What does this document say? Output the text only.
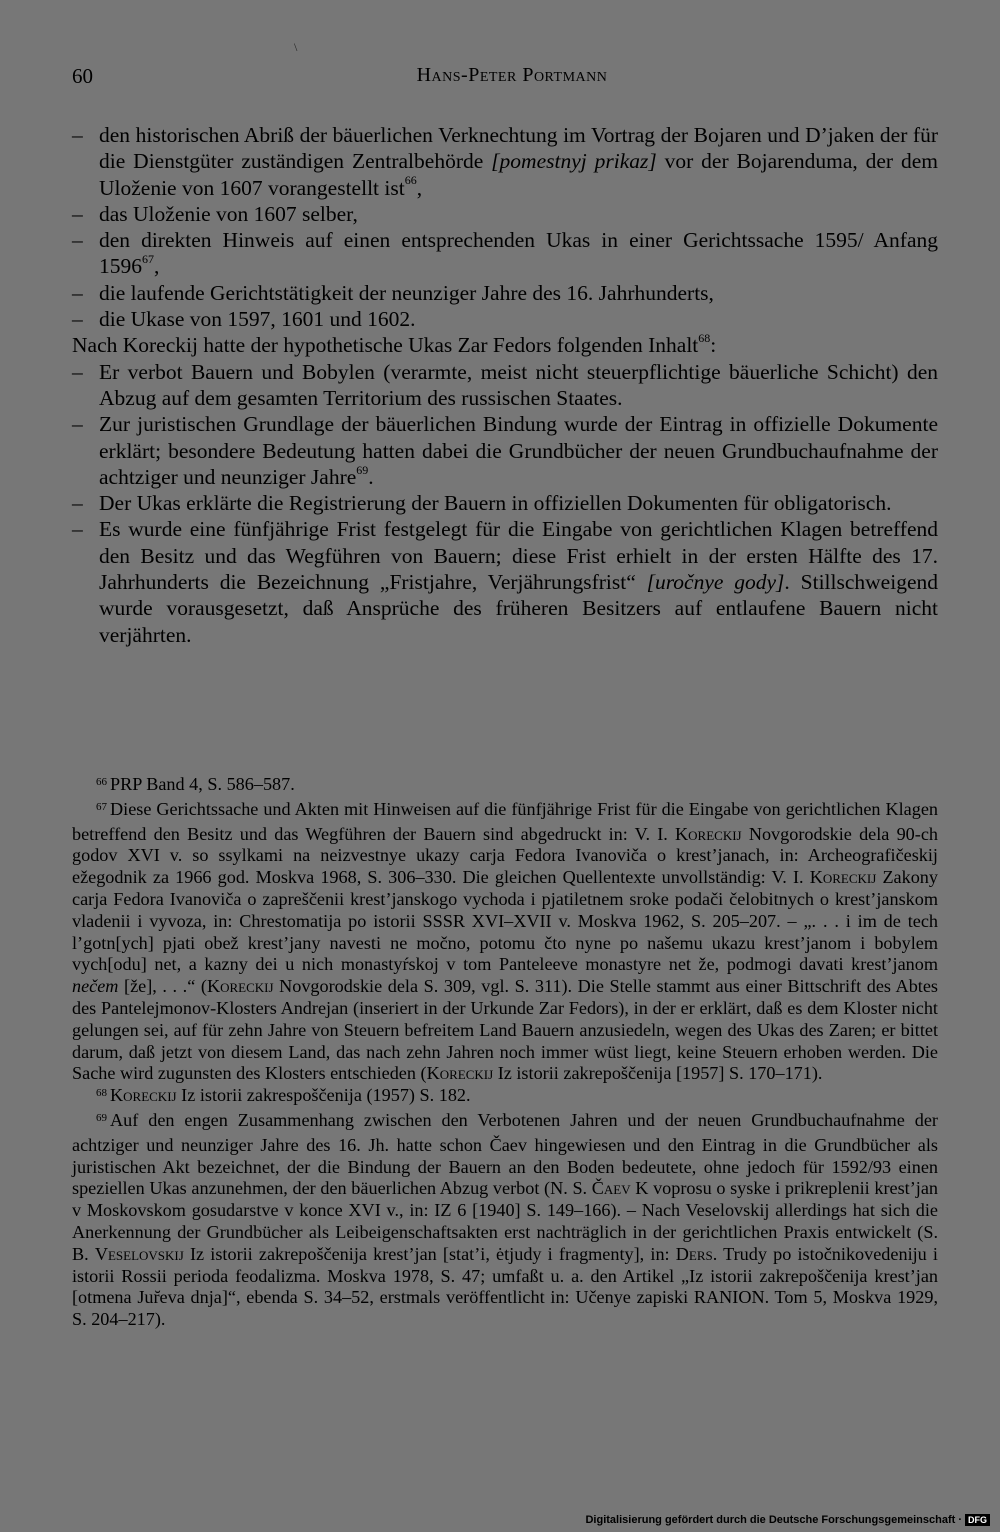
\
60	Hans-Peter Portmann

– den historischen Abriß der bäuerlichen Verknechtung im Vortrag der Bojaren und D’jaken der für die Dienstgüter zuständigen Zentralbehörde [pomestnyj prikaz] vor der Bojarenduma, der dem Uloženie von 1607 vorangestellt ist$^{66}$,

– das Uloženie von 1607 selber,

– den direkten Hinweis auf einen entsprechenden Ukas in einer Gerichtssache 1595/ Anfang 1596$^{67}$,

– die laufende Gerichtstätigkeit der neunziger Jahre des 16. Jahrhunderts,

– die Ukase von 1597, 1601 und 1602.

Nach Koreckij hatte der hypothetische Ukas Zar Fedors folgenden Inhalt$^{68}$:

– Er verbot Bauern und Bobylen (verarmte, meist nicht steuerpflichtige bäuerliche Schicht) den Abzug auf dem gesamten Territorium des russischen Staates.

– Zur juristischen Grundlage der bäuerlichen Bindung wurde der Eintrag in offizielle Dokumente erklärt; besondere Bedeutung hatten dabei die Grundbücher der neuen Grundbuchaufnahme der achtziger und neunziger Jahre$^{69}$.

– Der Ukas erklärte die Registrierung der Bauern in offiziellen Dokumenten für obligatorisch.

– Es wurde eine fünfjährige Frist festgelegt für die Eingabe von gerichtlichen Klagen betreffend den Besitz und das Wegführen von Bauern; diese Frist erhielt in der ersten Hälfte des 17. Jahrhunderts die Bezeichnung „Fristjahre, Verjährungsfrist“ [uročnye gody]. Stillschweigend wurde vorausgesetzt, daß Ansprüche des früheren Besitzers auf entlaufene Bauern nicht verjährten.

$^{66}$ PRP Band 4, S. 586–587.

$^{67}$ Diese Gerichtssache und Akten mit Hinweisen auf die fünfjährige Frist für die Eingabe von gerichtlichen Klagen betreffend den Besitz und das Wegführen der Bauern sind abgedruckt in: V. I. Koreckij Novgorodskie dela 90-ch godov XVI v. so ssylkami na neizvestnye ukazy carja Fedora Ivanoviča o krest’janach, in: Archeografičeskij ežegodnik za 1966 god. Moskva 1968, S. 306–330. Die gleichen Quellentexte unvollständig: V. I. Koreckij Zakony carja Fedora Ivanoviča o zapreščenii krest’janskogo vychoda i pjatiletnem sroke podači čelobitnych o krest’janskom vladenii i vyvoza, in: Chrestomatija po istorii SSSR XVI–XVII v. Moskva 1962, S. 205–207. – „. . . i im de tech l’gotn[ych] pjati obež krest’jany navesti ne močno, potomu čto nyne po našemu ukazu krest’janom i bobylem vych[odu] net, a kazny dei u nich monastyŕskoj v tom Panteleeve monastyre net že, podmogi davati krest’janom nečem [že], . . .“ (Koreckij Novgorodskie dela S. 309, vgl. S. 311). Die Stelle stammt aus einer Bittschrift des Abtes des Pantelejmonov-Klosters Andrejan (inseriert in der Urkunde Zar Fedors), in der er erklärt, daß es dem Kloster nicht gelungen sei, auf für zehn Jahre von Steuern befreitem Land Bauern anzusiedeln, wegen des Ukas des Zaren; er bittet darum, daß jetzt von diesem Land, das nach zehn Jahren noch immer wüst liegt, keine Steuern erhoben werden. Die Sache wird zugunsten des Klosters entschieden (Koreckij Iz istorii zakrepoščenija [1957] S. 170–171).

$^{68}$ Koreckij Iz istorii zakrespoščenija (1957) S. 182.

$^{69}$ Auf den engen Zusammenhang zwischen den Verbotenen Jahren und der neuen Grundbuchaufnahme der achtziger und neunziger Jahre des 16. Jh. hatte schon Čaev hingewiesen und den Eintrag in die Grundbücher als juristischen Akt bezeichnet, der die Bindung der Bauern an den Boden bedeutete, ohne jedoch für 1592/93 einen speziellen Ukas anzunehmen, der den bäuerlichen Abzug verbot (N. S. Čaev K voprosu o syske i prikreplenii krest’jan v Moskovskom gosudarstve v konce XVI v., in: IZ 6 [1940] S. 149–166). – Nach Veselovskij allerdings hat sich die Anerkennung der Grundbücher als Leibeigenschaftsakten erst nachträglich in der gerichtlichen Praxis entwickelt (S. B. Veselovskij Iz istorii zakrepoščenija krest’jan [stat’i, ėtjudy i fragmenty], in: Ders. Trudy po istočnikovedeniju i istorii Rossii perioda feodalizma. Moskva 1978, S. 47; umfaßt u. a. den Artikel „Iz istorii zakrepoščenija krest’jan [otmena Jur̆eva dnja]“, ebenda S. 34–52, erstmals veröffentlicht in: Učenye zapiski RANION. Tom 5, Moskva 1929, S. 204–217).

Digitalisierung gefördert durch die Deutsche Forschungsgemeinschaft · DFG
